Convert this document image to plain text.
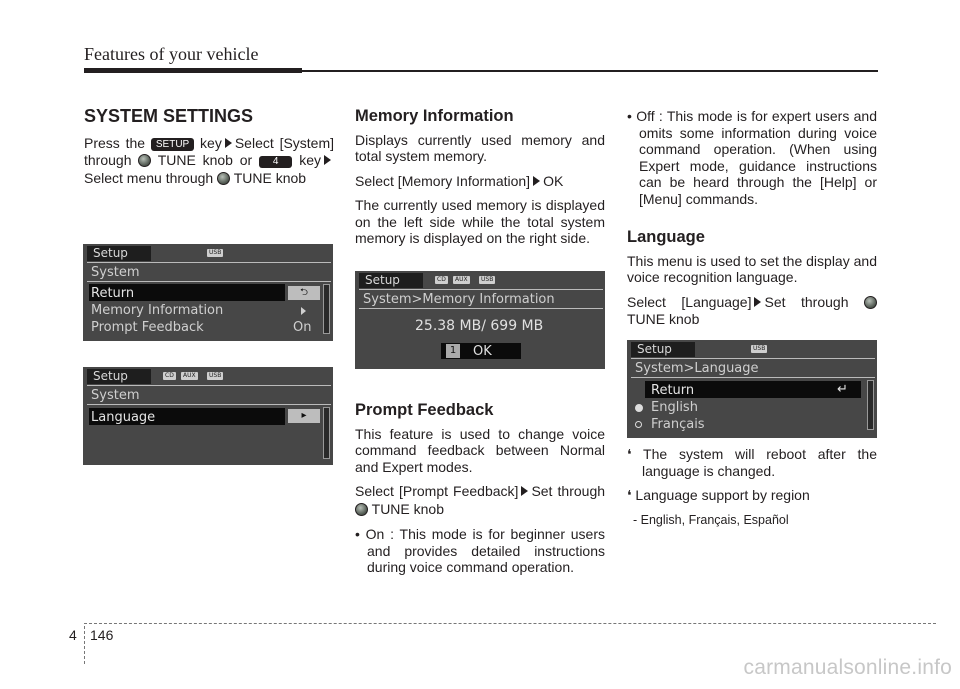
Features of your vehicle
SYSTEM SETTINGS

Press the SETUP key Select [System] through TUNE knob or 4 keySelect menu through TUNE knob

Setup	USB
System
Return	⮌
Memory Information
Prompt Feedback	On
Setup	CD	AUX	USB
System
Language	▸
Memory Information

Displays currently used memory and total system memory.

Select [Memory Information] OK

The currently used memory is displayed on the left side while the total system memory is displayed on the right side.

Setup	CD	AUX	USB
System>Memory Information
25.38 MB/ 699 MB
1 OK
Prompt Feedback

This feature is used to change voice command feedback between Normal and Expert modes.

Select [Prompt Feedback] Set through  TUNE knob

• On : This mode is for beginner users and provides detailed instructions during voice command operation.

• Off : This mode is for expert users and omits some information during voice command operation. (When using Expert mode, guidance instructions can be heard through the [Help] or [Menu] commands.

Language

This menu is used to set the display and voice recognition language.

Select [Language] Set through  TUNE knob

Setup	USB
System>Language
Return	↵
English
Français

❛ The system will reboot after the language is changed.

❛ Language support by region

- English, Français, Español

4 146
carmanualsonline.info
